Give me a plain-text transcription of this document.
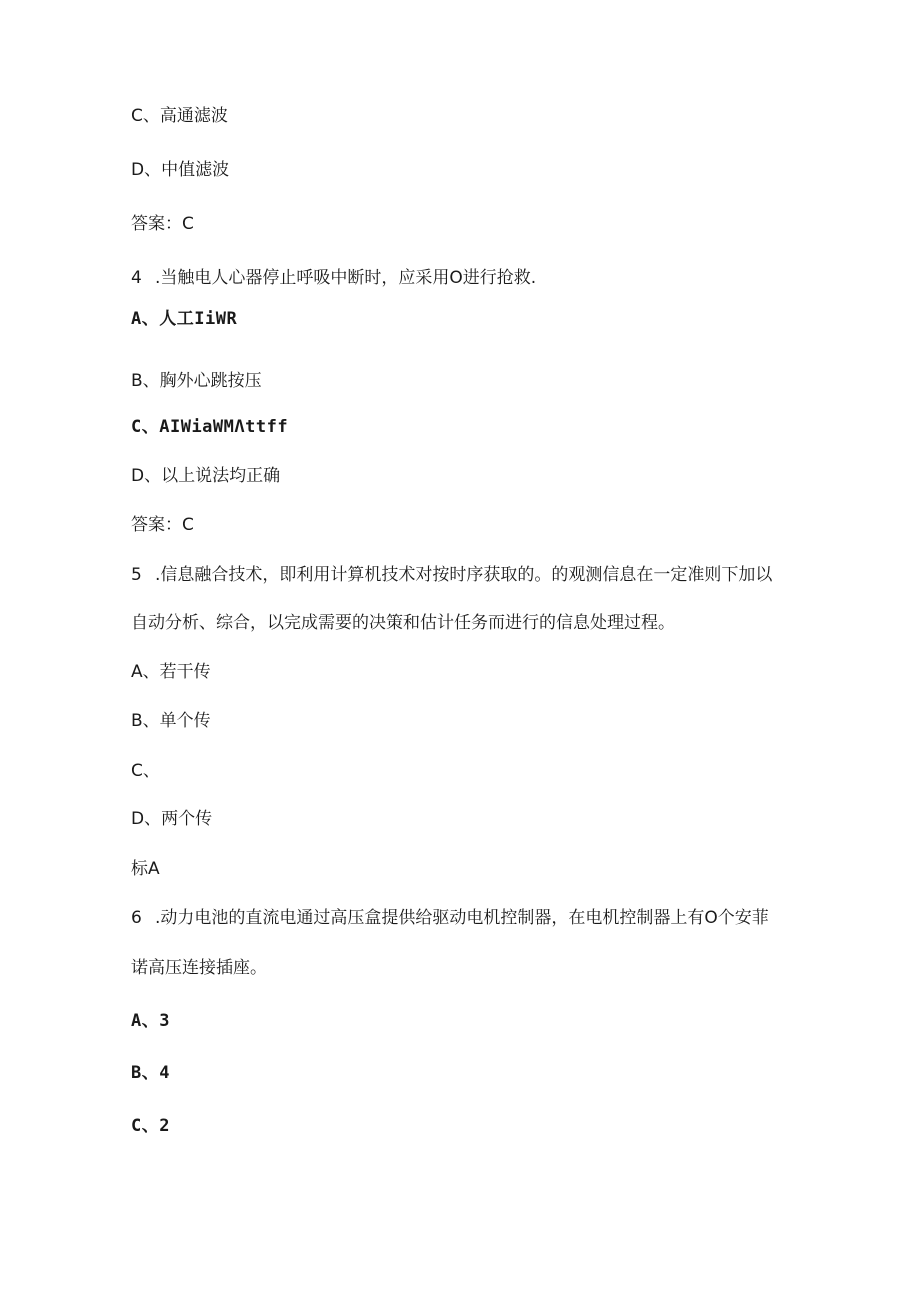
C、高通滤波
D、中值滤波
答案：C
4 .当触电人心器停止呼吸中断时，应采用O进行抢救.
A、人工IiWR
B、胸外心跳按压
C、AIWiaWMΛttff
D、以上说法均正确
答案：C
5 .信息融合技术，即利用计算机技术对按时序获取的。的观测信息在一定准则下加以
自动分析、综合，以完成需要的决策和估计任务而进行的信息处理过程。
A、若干传
B、单个传
C、
D、两个传
标A
6 .动力电池的直流电通过高压盒提供给驱动电机控制器，在电机控制器上有O个安菲
诺高压连接插座。
A、3
B、4
C、2
